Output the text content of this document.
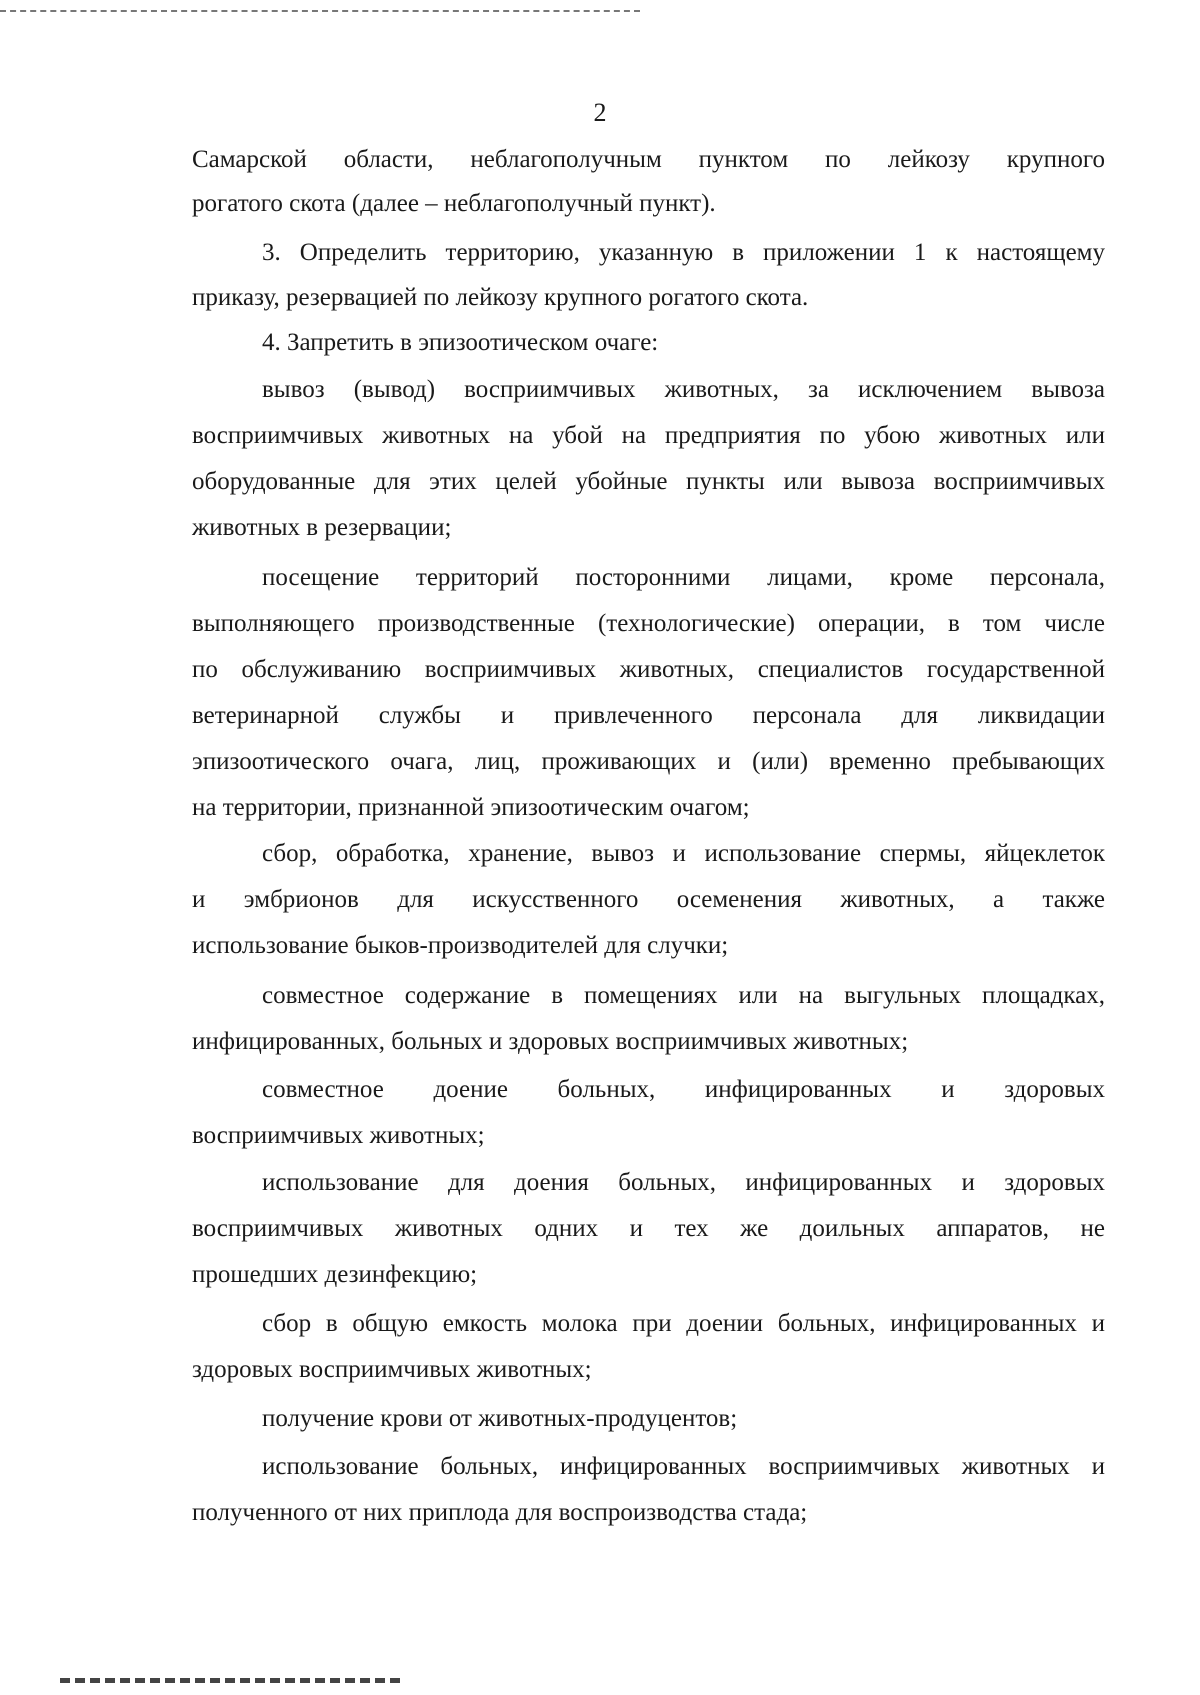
2
Самарской области, неблагополучным пунктом по лейкозу крупного
рогатого скота (далее – неблагополучный пункт).
3. Определить территорию, указанную в приложении 1 к настоящему
приказу, резервацией по лейкозу крупного рогатого скота.
4. Запретить в эпизоотическом очаге:
вывоз (вывод) восприимчивых животных, за исключением вывоза
восприимчивых животных на убой на предприятия по убою животных или
оборудованные для этих целей убойные пункты или вывоза восприимчивых
животных в резервации;
посещение территорий посторонними лицами, кроме персонала,
выполняющего производственные (технологические) операции, в том числе
по обслуживанию восприимчивых животных, специалистов государственной
ветеринарной службы и привлеченного персонала для ликвидации
эпизоотического очага, лиц, проживающих и (или) временно пребывающих
на территории, признанной эпизоотическим очагом;
сбор, обработка, хранение, вывоз и использование спермы, яйцеклеток
и эмбрионов для искусственного осеменения животных, а также
использование быков-производителей для случки;
совместное содержание в помещениях или на выгульных площадках,
инфицированных, больных и здоровых восприимчивых животных;
совместное доение больных, инфицированных и здоровых
восприимчивых животных;
использование для доения больных, инфицированных и здоровых
восприимчивых животных одних и тех же доильных аппаратов, не
прошедших дезинфекцию;
сбор в общую емкость молока при доении больных, инфицированных и
здоровых восприимчивых животных;
получение крови от животных-продуцентов;
использование больных, инфицированных восприимчивых животных и
полученного от них приплода для воспроизводства стада;
